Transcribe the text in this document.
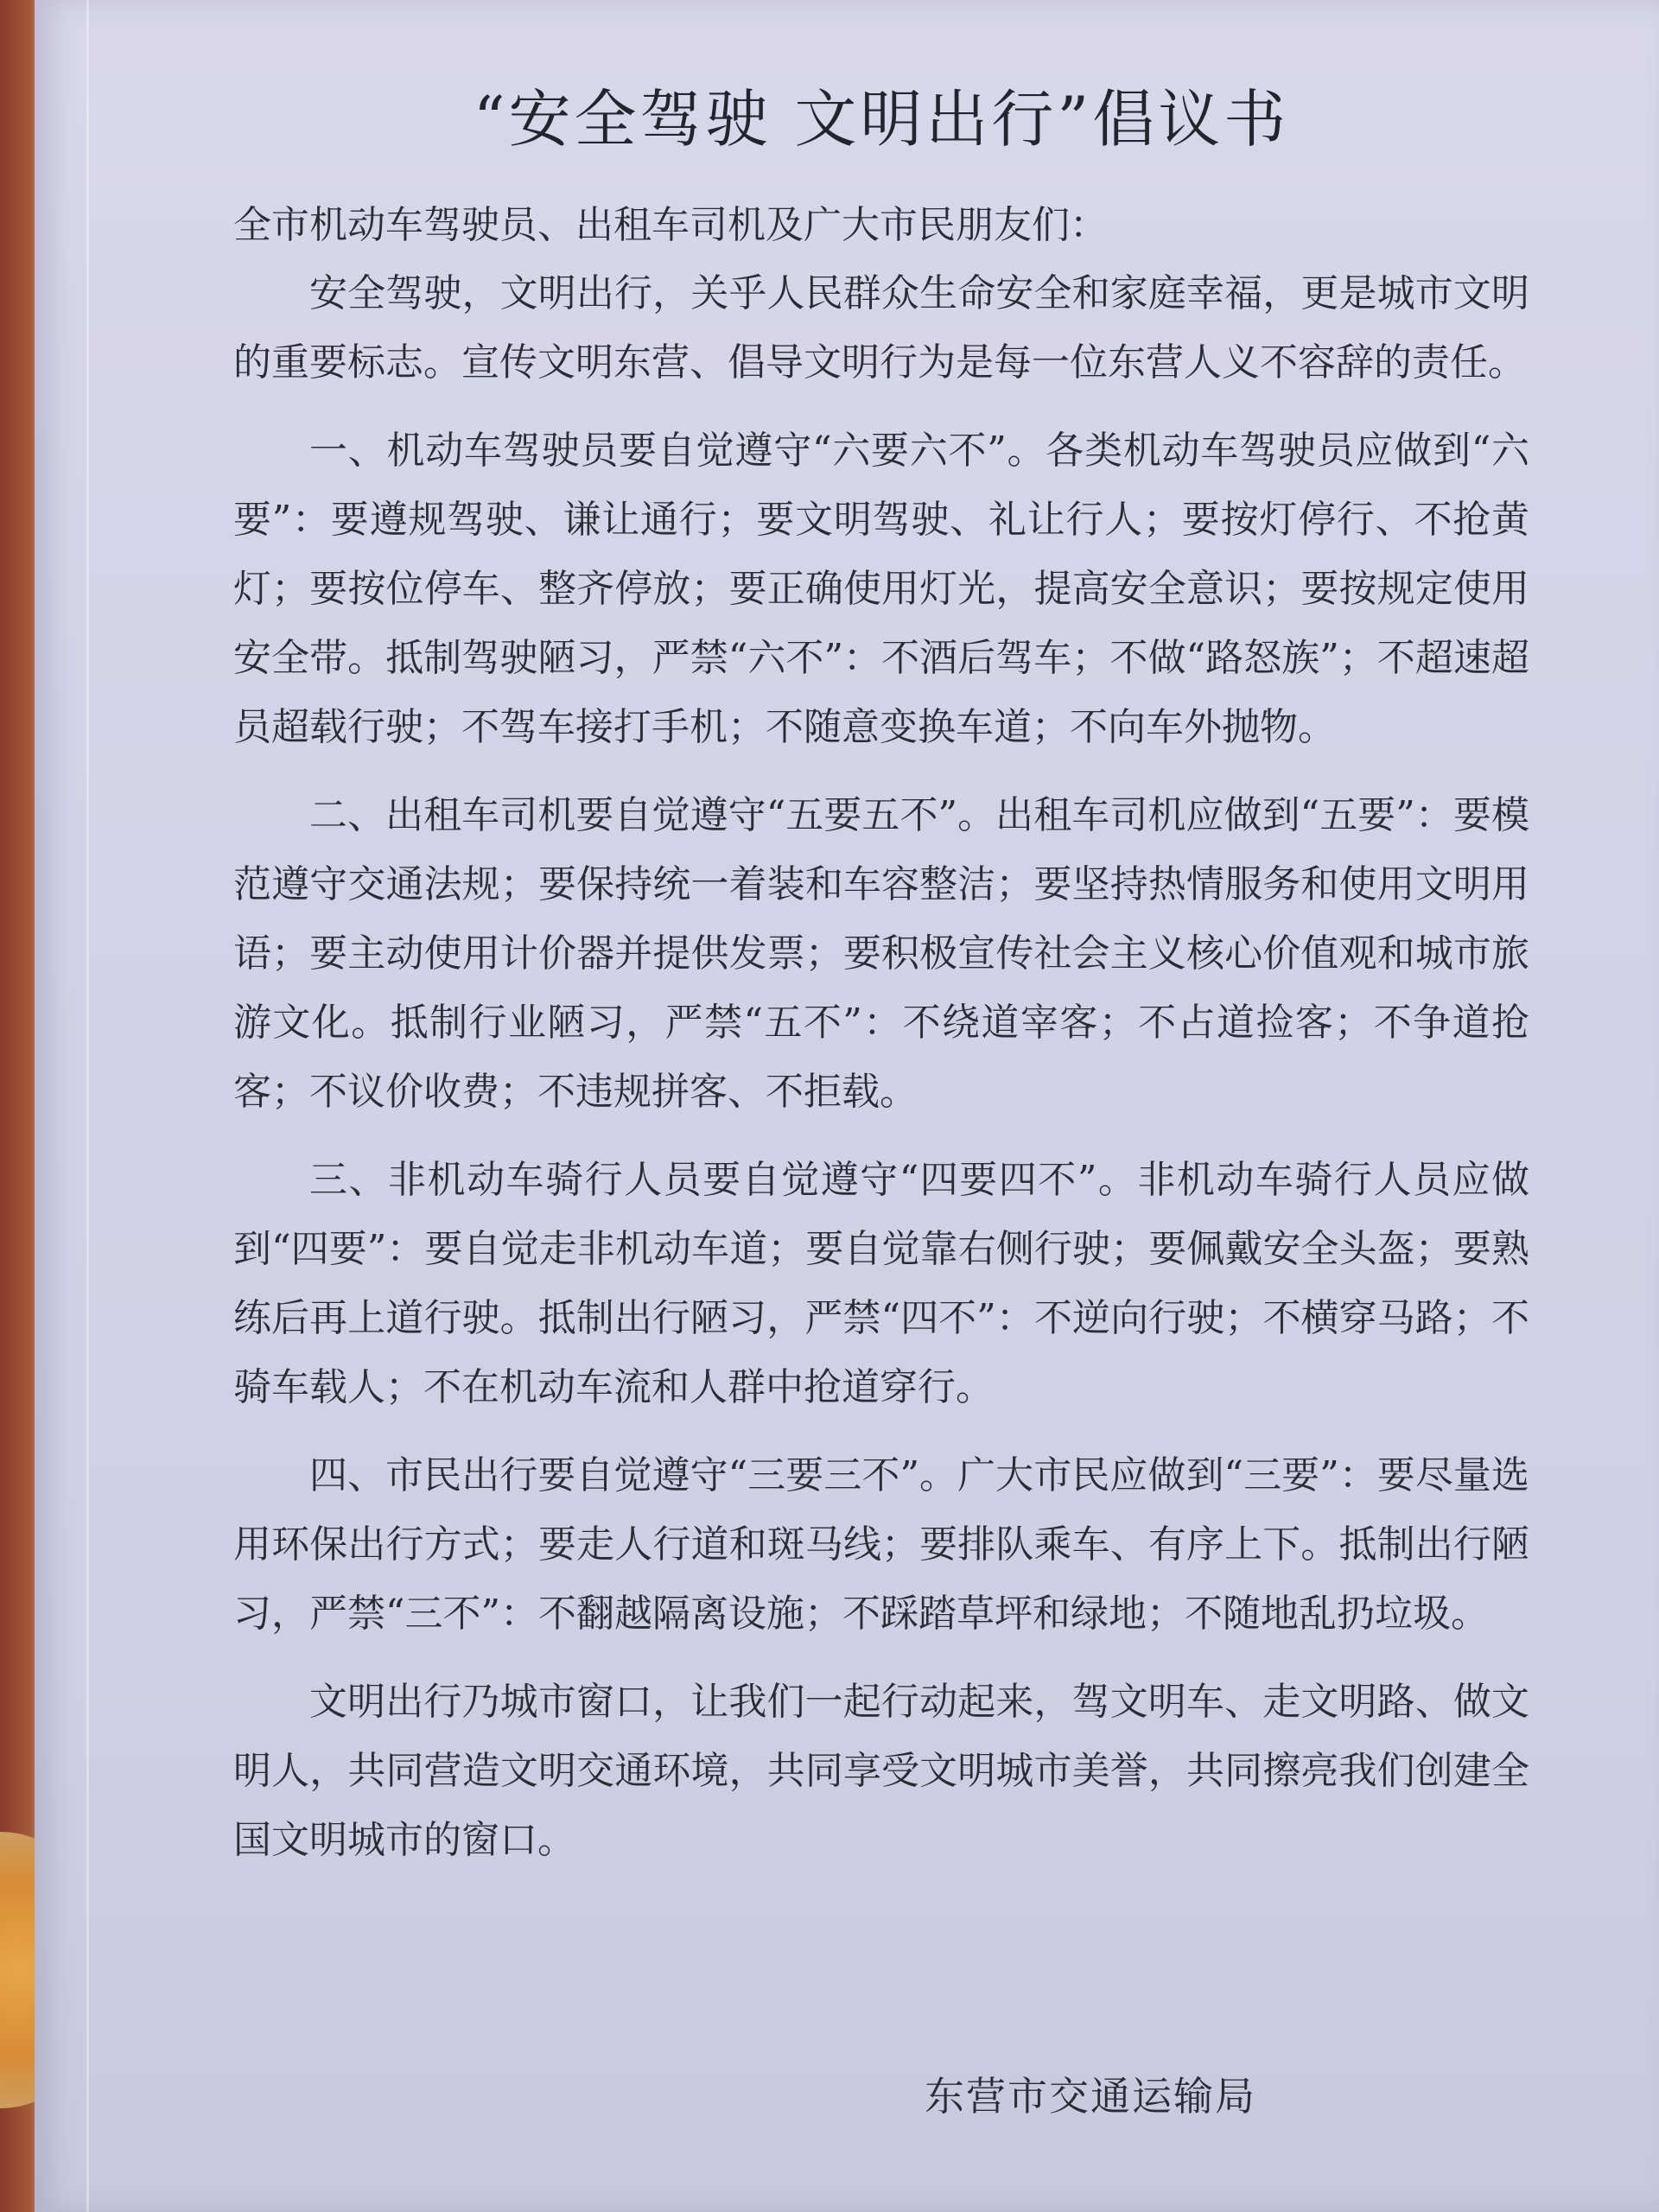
“安全驾驶 文明出行”倡议书

全市机动车驾驶员、出租车司机及广大市民朋友们：

安全驾驶，文明出行，关乎人民群众生命安全和家庭幸福，更是城市文明的重要标志。宣传文明东营、倡导文明行为是每一位东营人义不容辞的责任。

一、机动车驾驶员要自觉遵守“六要六不”。各类机动车驾驶员应做到“六要”：要遵规驾驶、谦让通行；要文明驾驶、礼让行人；要按灯停行、不抢黄灯；要按位停车、整齐停放；要正确使用灯光，提高安全意识；要按规定使用安全带。抵制驾驶陋习，严禁“六不”：不酒后驾车；不做“路怒族”；不超速超员超载行驶；不驾车接打手机；不随意变换车道；不向车外抛物。

二、出租车司机要自觉遵守“五要五不”。出租车司机应做到“五要”：要模范遵守交通法规；要保持统一着装和车容整洁；要坚持热情服务和使用文明用语；要主动使用计价器并提供发票；要积极宣传社会主义核心价值观和城市旅游文化。抵制行业陋习，严禁“五不”：不绕道宰客；不占道捡客；不争道抢客；不议价收费；不违规拼客、不拒载。

三、非机动车骑行人员要自觉遵守“四要四不”。非机动车骑行人员应做到“四要”：要自觉走非机动车道；要自觉靠右侧行驶；要佩戴安全头盔；要熟练后再上道行驶。抵制出行陋习，严禁“四不”：不逆向行驶；不横穿马路；不骑车载人；不在机动车流和人群中抢道穿行。

四、市民出行要自觉遵守“三要三不”。广大市民应做到“三要”：要尽量选用环保出行方式；要走人行道和斑马线；要排队乘车、有序上下。抵制出行陋习，严禁“三不”：不翻越隔离设施；不踩踏草坪和绿地；不随地乱扔垃圾。

文明出行乃城市窗口，让我们一起行动起来，驾文明车、走文明路、做文明人，共同营造文明交通环境，共同享受文明城市美誉，共同擦亮我们创建全国文明城市的窗口。

东营市交通运输局
